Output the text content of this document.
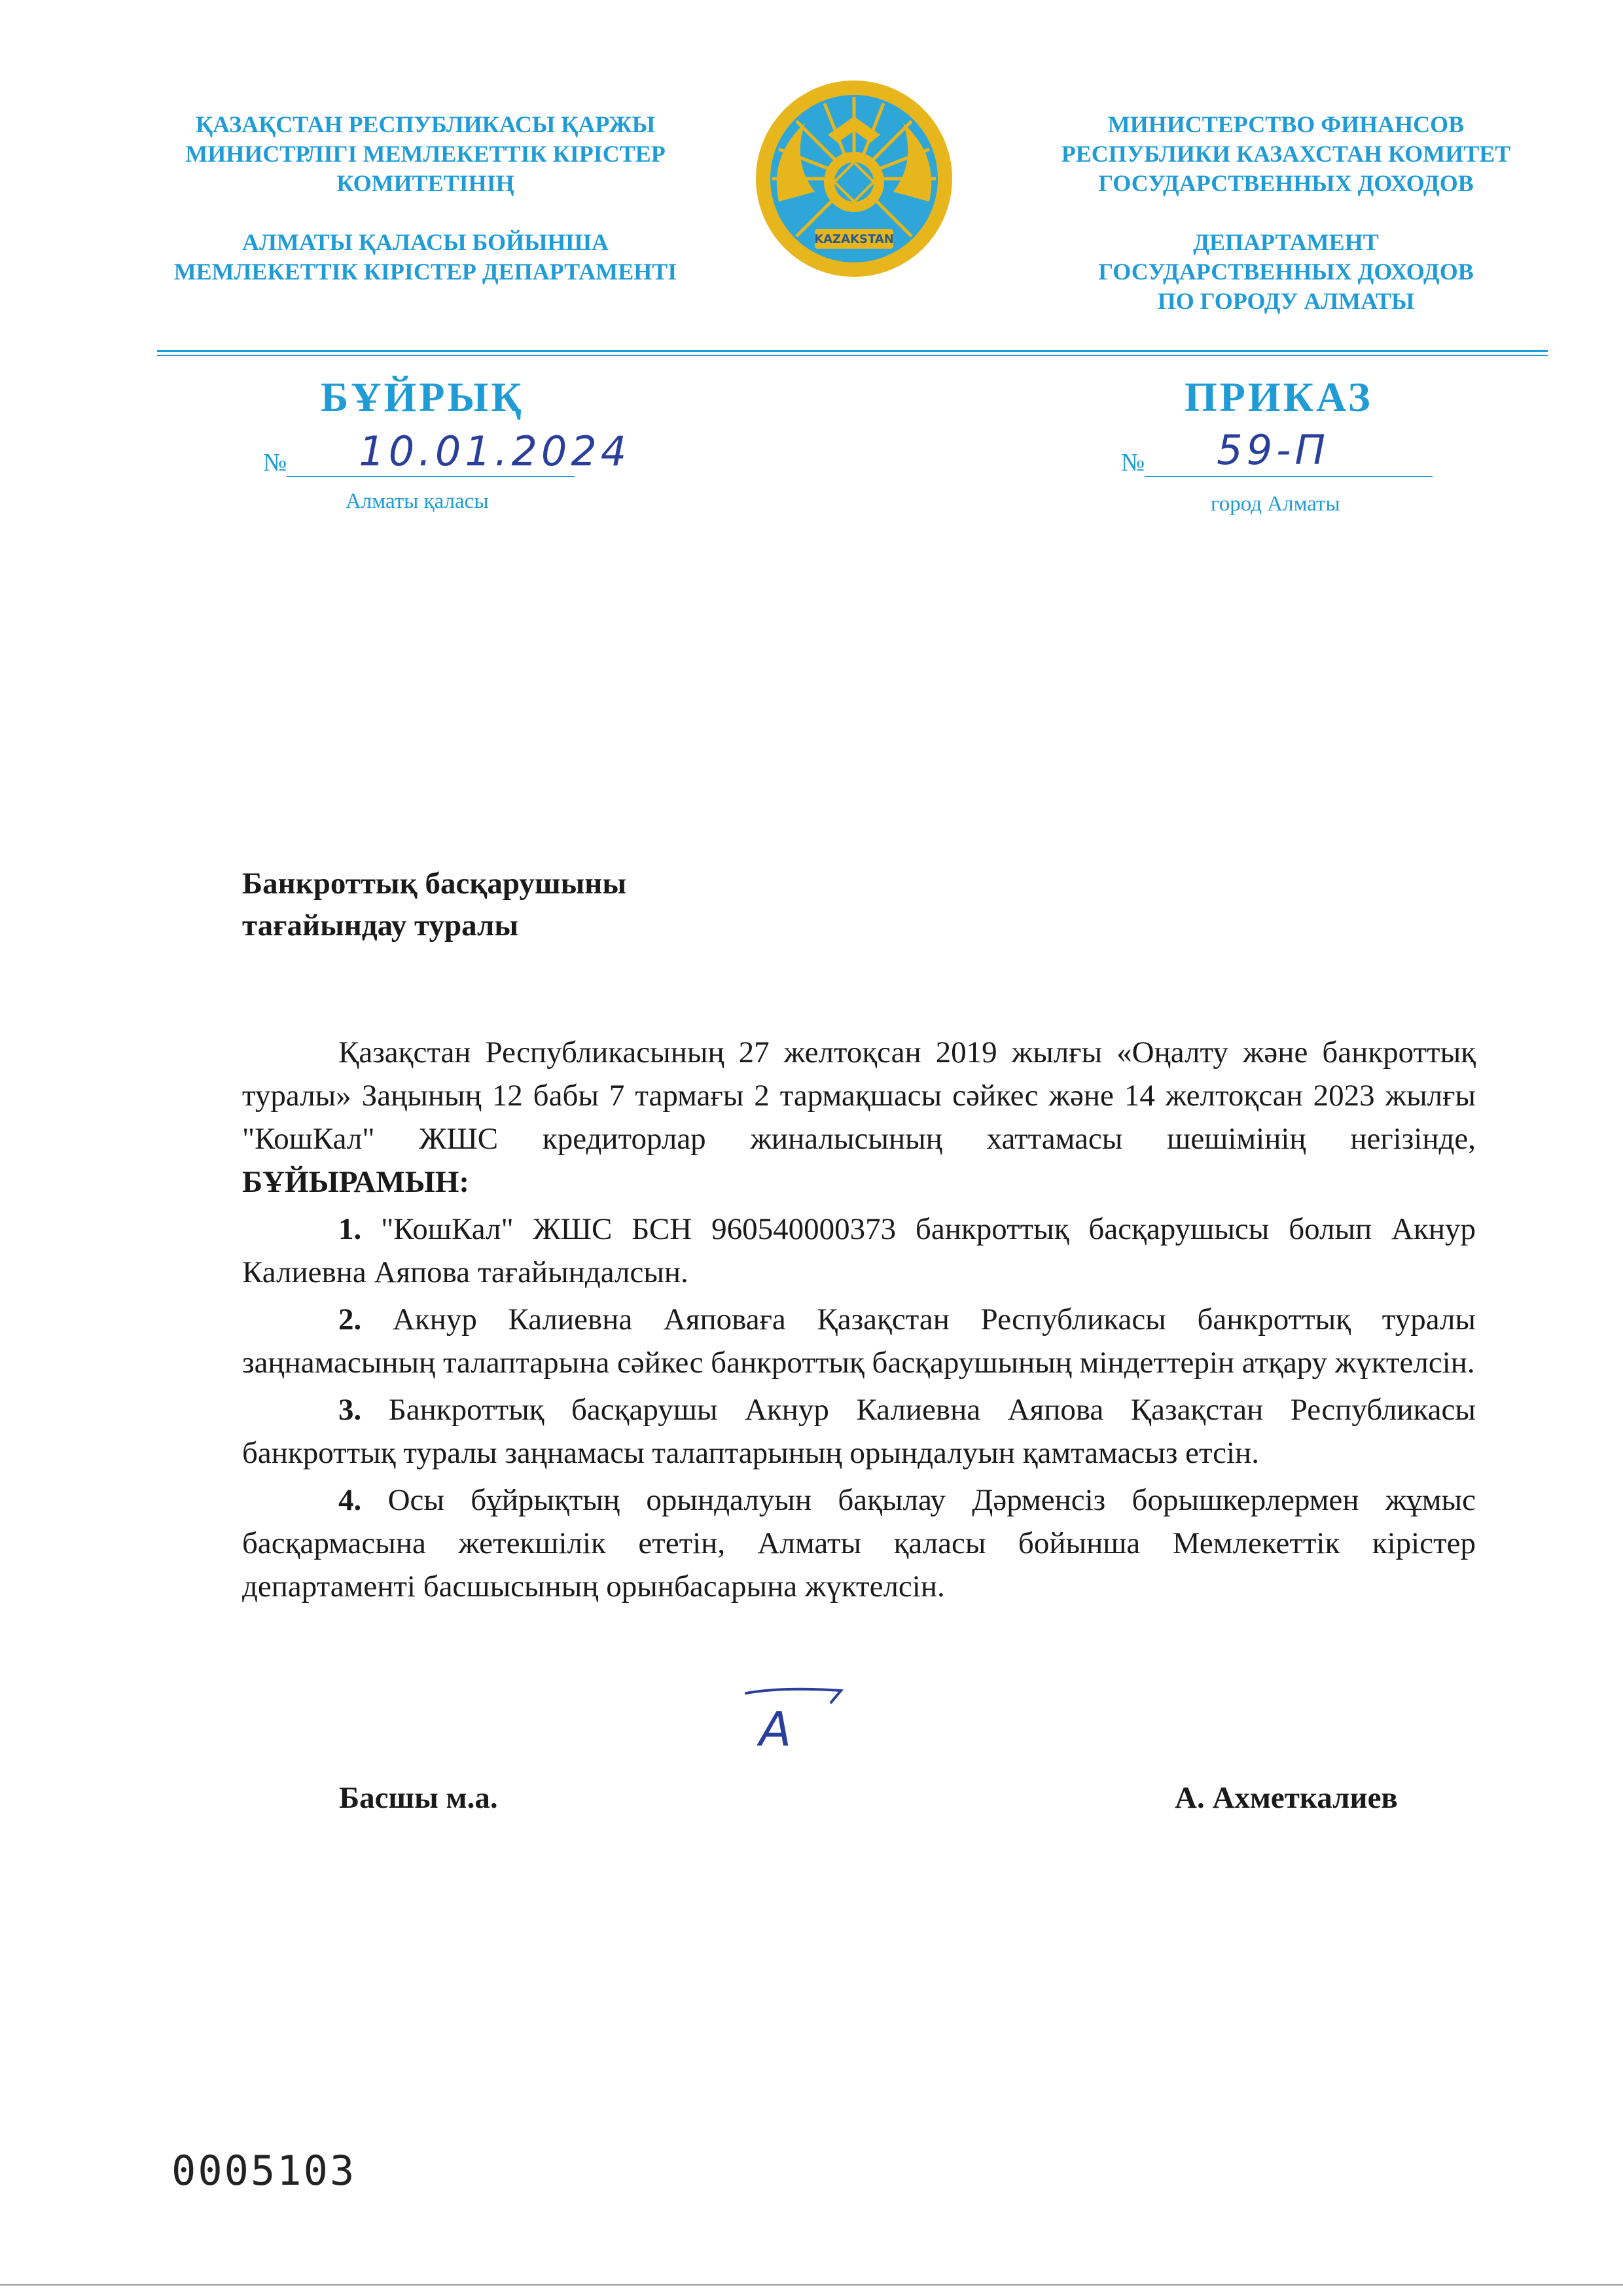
ҚАЗАҚСТАН РЕСПУБЛИКАСЫ ҚАРЖЫ
МИНИСТРЛІГІ МЕМЛЕКЕТТІК КІРІСТЕР
КОМИТЕТІНІҢ
АЛМАТЫ ҚАЛАСЫ БОЙЫНША
МЕМЛЕКЕТТІК КІРІСТЕР ДЕПАРТАМЕНТІ
KAZAKSTAN
МИНИСТЕРСТВО ФИНАНСОВ
РЕСПУБЛИКИ КАЗАХСТАН КОМИТЕТ
ГОСУДАРСТВЕННЫХ ДОХОДОВ
ДЕПАРТАМЕНТ
ГОСУДАРСТВЕННЫХ ДОХОДОВ
ПО ГОРОДУ АЛМАТЫ
БҰЙРЫҚ	ПРИКАЗ
№ 10.01.2024	№ 59-П
Алматы қаласы	город Алматы
Банкроттық басқарушыны
тағайындау туралы

Қазақстан Республикасының 27 желтоқсан 2019 жылғы «Оңалту және банкроттық туралы» Заңының 12 бабы 7 тармағы 2 тармақшасы сәйкес және 14 желтоқсан 2023 жылғы "КошКал" ЖШС кредиторлар жиналысының хаттамасы шешімінің негізінде, БҰЙЫРАМЫН:

1. "КошКал" ЖШС БСН 960540000373 банкроттық басқарушысы болып Акнур Калиевна Аяпова тағайындалсын.

2. Акнур Калиевна Аяповаға Қазақстан Республикасы банкроттық туралы заңнамасының талаптарына сәйкес банкроттық басқарушының міндеттерін атқару жүктелсін.

3. Банкроттық басқарушы Акнур Калиевна Аяпова Қазақстан Республикасы банкроттық туралы заңнамасы талаптарының орындалуын қамтамасыз етсін.

4. Осы бұйрықтың орындалуын бақылау Дәрменсіз борышкерлермен жұмыс басқармасына жетекшілік ететін, Алматы қаласы бойынша Мемлекеттік кірістер департаменті басшысының орынбасарына жүктелсін.

А
Басшы м.а.	А. Ахметкалиев
0005103
